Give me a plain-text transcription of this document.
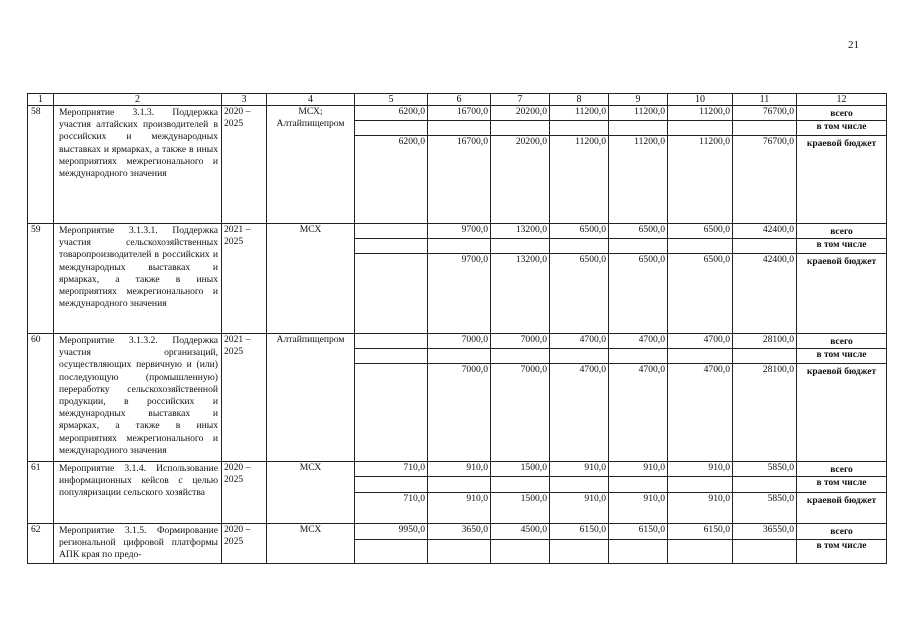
21
1	2	3	4	5	6	7	8	9	10	11	12
58	Мероприятие 3.1.3. Поддержка участия алтайских производителей в российских и международных выставках и ярмарках, а также в иных мероприятиях межрегионального и международного значения	2020 – 2025	МСХ; Алтайпищепром	6200,0	16700,0	20200,0	11200,0	11200,0	11200,0	76700,0	всего
											в том числе
				6200,0	16700,0	20200,0	11200,0	11200,0	11200,0	76700,0	краевой бюджет
59	Мероприятие 3.1.3.1. Поддержка участия сельскохозяйственных товаропроизводителей в российских и международных выставках и ярмарках, а также в иных мероприятиях межрегионального и международного значения	2021 – 2025	МСХ		9700,0	13200,0	6500,0	6500,0	6500,0	42400,0	всего
											в том числе
					9700,0	13200,0	6500,0	6500,0	6500,0	42400,0	краевой бюджет
60	Мероприятие 3.1.3.2. Поддержка участия организаций, осуществляющих первичную и (или) последующую (промышленную) переработку сельскохозяйственной продукции, в российских и международных выставках и ярмарках, а также в иных мероприятиях межрегионального и международного значения	2021 – 2025	Алтайпищепром		7000,0	7000,0	4700,0	4700,0	4700,0	28100,0	всего
											в том числе
					7000,0	7000,0	4700,0	4700,0	4700,0	28100,0	краевой бюджет
61	Мероприятие 3.1.4. Использование информационных кейсов с целью популяризации сельского хозяйства	2020 – 2025	МСХ	710,0	910,0	1500,0	910,0	910,0	910,0	5850,0	всего
											в том числе
				710,0	910,0	1500,0	910,0	910,0	910,0	5850,0	краевой бюджет
62	Мероприятие 3.1.5. Формирование региональной цифровой платформы АПК края по предо-	2020 – 2025	МСХ	9950,0	3650,0	4500,0	6150,0	6150,0	6150,0	36550,0	всего
											в том числе
